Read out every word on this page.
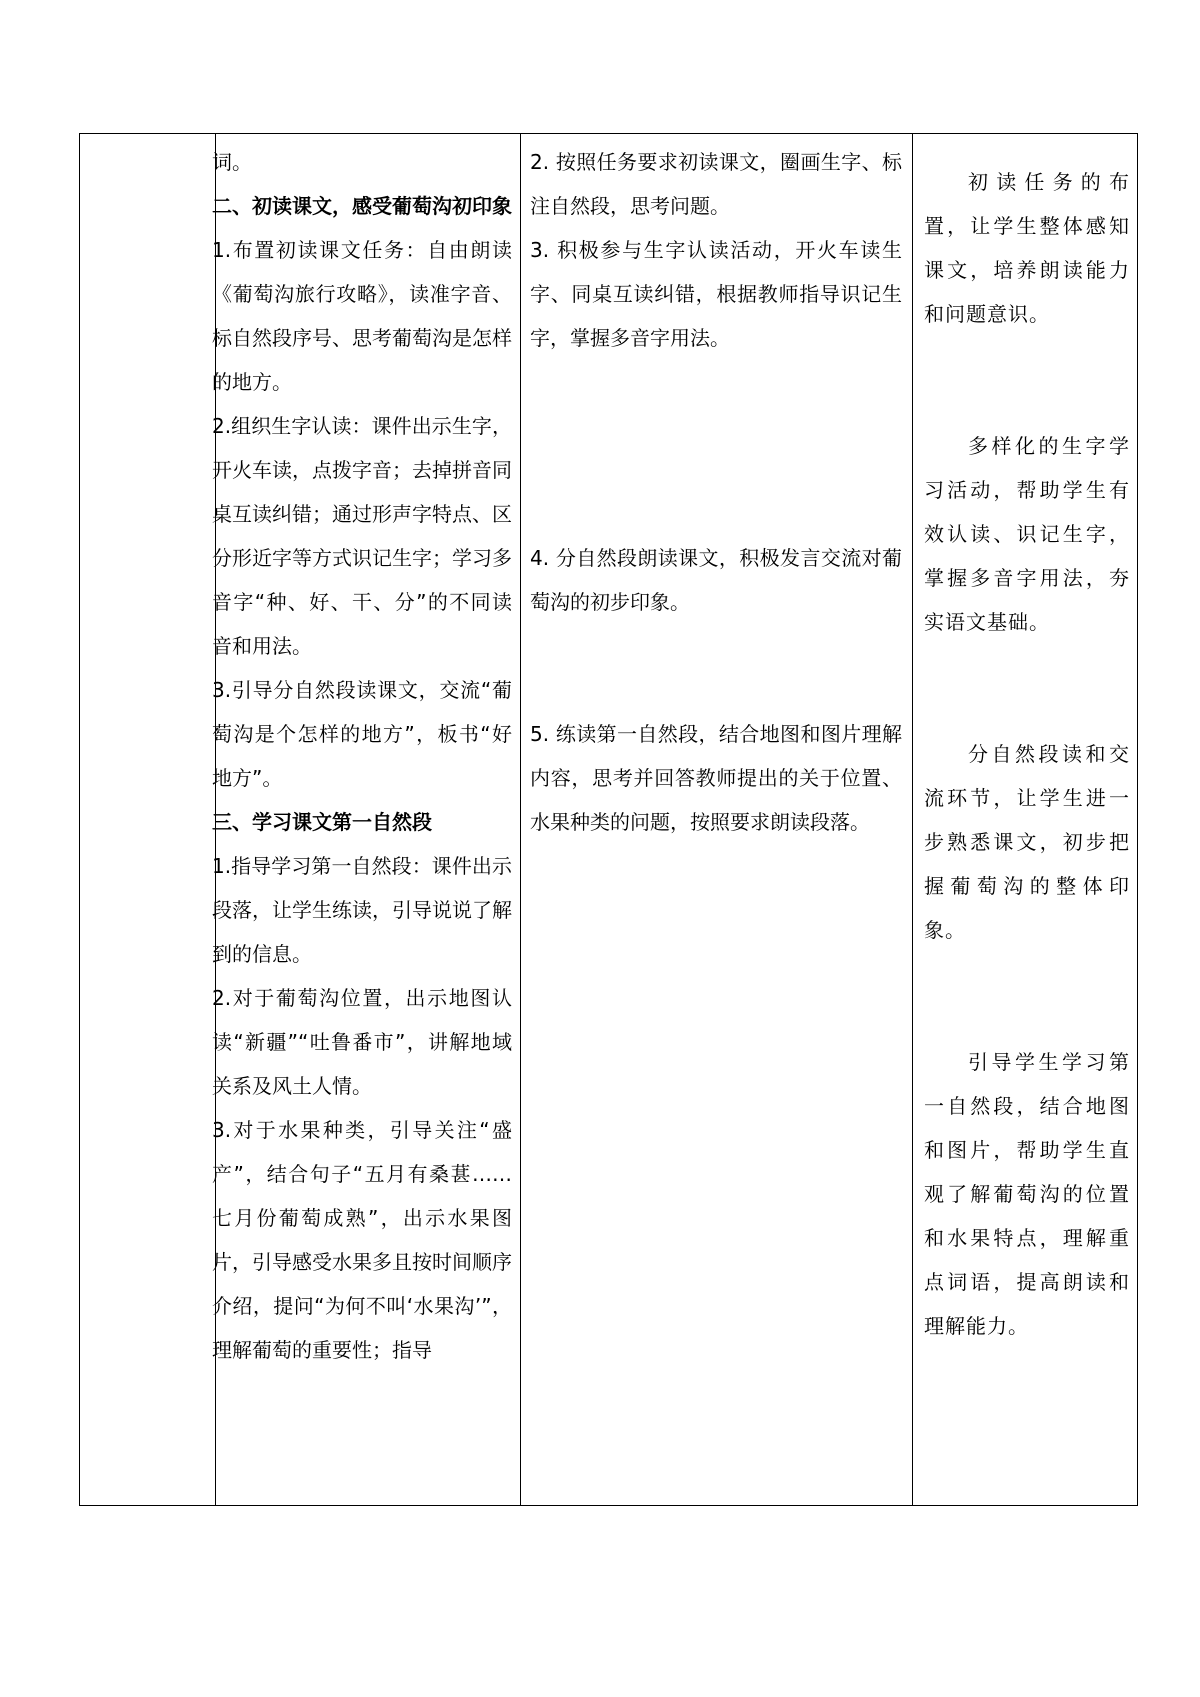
词。

二、初读课文，感受葡萄沟初印象

1.布置初读课文任务：自由朗读《葡萄沟旅行攻略》，读准字音、标自然段序号、思考葡萄沟是怎样的地方。

2.组织生字认读：课件出示生字，开火车读，点拨字音；去掉拼音同桌互读纠错；通过形声字特点、区分形近字等方式识记生字；学习多音字“种、好、干、分”的不同读音和用法。

3.引导分自然段读课文，交流“葡萄沟是个怎样的地方”，板书“好地方”。

三、学习课文第一自然段

1.指导学习第一自然段：课件出示段落，让学生练读，引导说说了解到的信息。

2.对于葡萄沟位置，出示地图认读“新疆”“吐鲁番市”，讲解地域关系及风土人情。

3.对于水果种类，引导关注“盛产”，结合句子“五月有桑葚……七月份葡萄成熟”，出示水果图片，引导感受水果多且按时间顺序介绍，提问“为何不叫‘水果沟’”，理解葡萄的重要性；指导

2. 按照任务要求初读课文，圈画生字、标注自然段，思考问题。

3. 积极参与生字认读活动，开火车读生字、同桌互读纠错，根据教师指导识记生字，掌握多音字用法。

4. 分自然段朗读课文，积极发言交流对葡萄沟的初步印象。

5. 练读第一自然段，结合地图和图片理解内容，思考并回答教师提出的关于位置、水果种类的问题，按照要求朗读段落。

初读任务的布置，让学生整体感知课文，培养朗读能力和问题意识。

多样化的生字学习活动，帮助学生有效认读、识记生字，掌握多音字用法，夯实语文基础。

分自然段读和交流环节，让学生进一步熟悉课文，初步把握葡萄沟的整体印象。

引导学生学习第一自然段，结合地图和图片，帮助学生直观了解葡萄沟的位置和水果特点，理解重点词语，提高朗读和理解能力。
